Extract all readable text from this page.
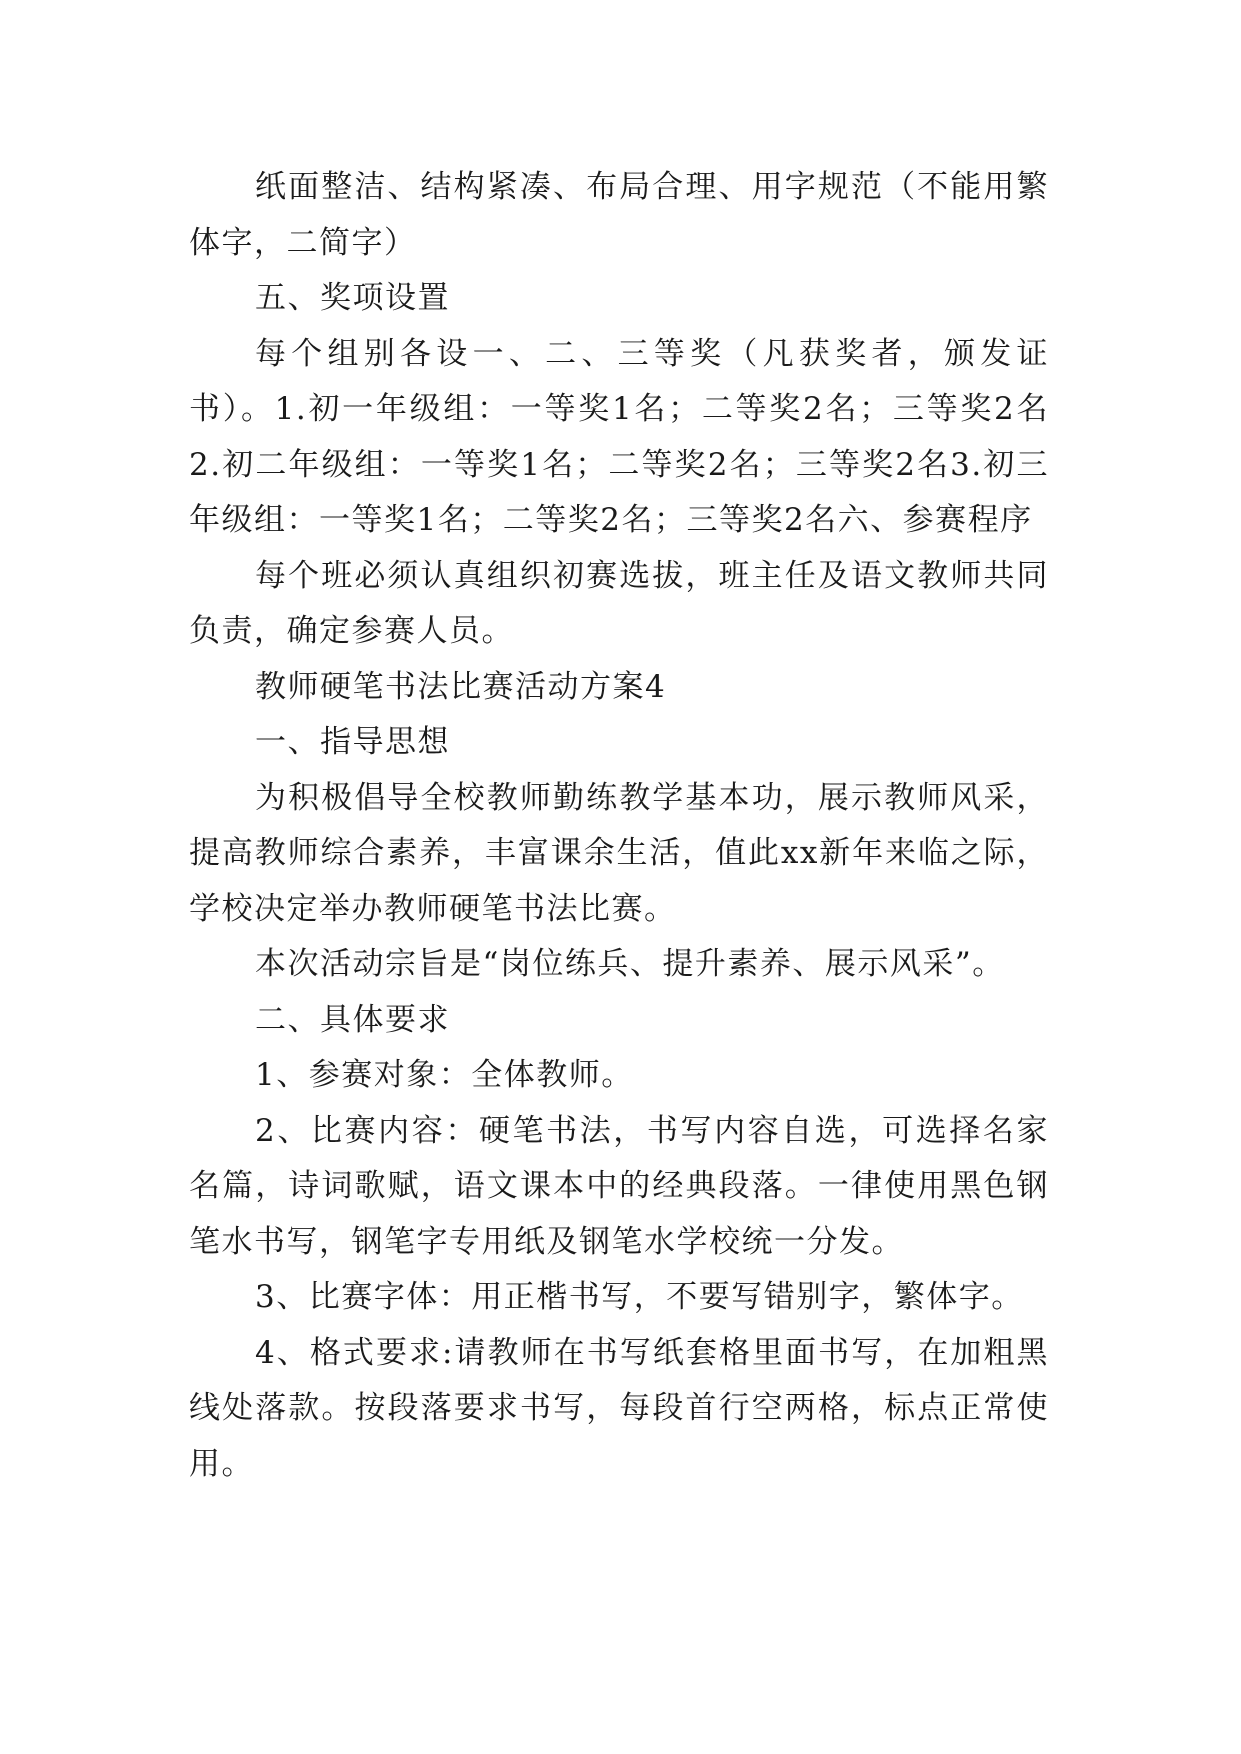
纸面整洁、结构紧凑、布局合理、用字规范（不能用繁体字，二简字）

五、奖项设置

每个组别各设一、二、三等奖（凡获奖者，颁发证书）。1.初一年级组：一等奖1名；二等奖2名；三等奖2名2.初二年级组：一等奖1名；二等奖2名；三等奖2名3.初三年级组：一等奖1名；二等奖2名；三等奖2名六、参赛程序

每个班必须认真组织初赛选拔，班主任及语文教师共同负责，确定参赛人员。

教师硬笔书法比赛活动方案4

一、指导思想

为积极倡导全校教师勤练教学基本功，展示教师风采，提高教师综合素养，丰富课余生活，值此xx新年来临之际，学校决定举办教师硬笔书法比赛。

本次活动宗旨是“岗位练兵、提升素养、展示风采”。

二、具体要求

1、参赛对象：全体教师。

2、比赛内容：硬笔书法，书写内容自选，可选择名家名篇，诗词歌赋，语文课本中的经典段落。一律使用黑色钢笔水书写，钢笔字专用纸及钢笔水学校统一分发。

3、比赛字体：用正楷书写，不要写错别字，繁体字。

4、格式要求:请教师在书写纸套格里面书写，在加粗黑线处落款。按段落要求书写，每段首行空两格，标点正常使用。
